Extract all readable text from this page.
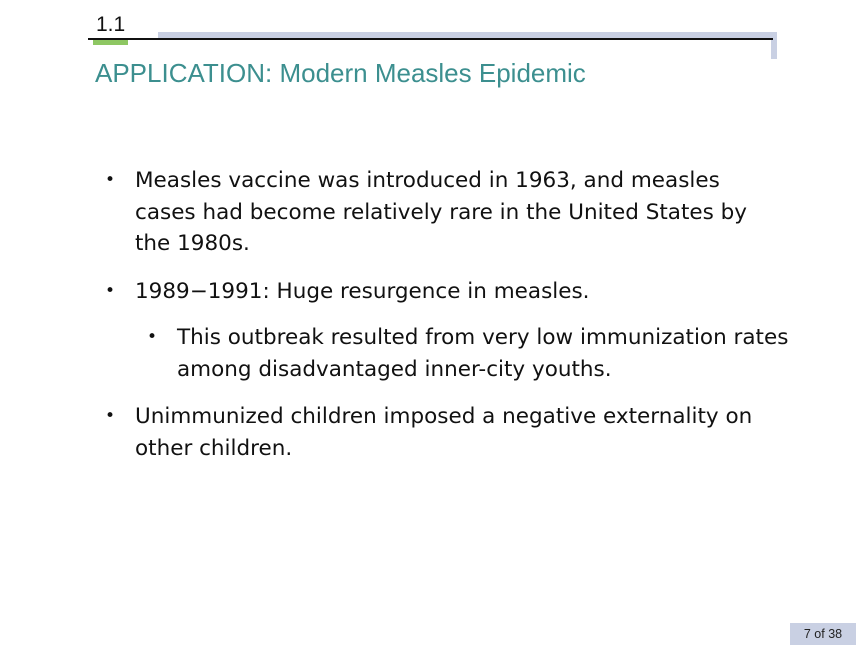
1.1
APPLICATION: Modern Measles Epidemic
• Measles vaccine was introduced in 1963, and measles cases had become relatively rare in the United States by the 1980s.
• 1989−1991: Huge resurgence in measles.
• This outbreak resulted from very low immunization rates among disadvantaged inner-city youths.
• Unimmunized children imposed a negative externality on other children.
7 of 38
